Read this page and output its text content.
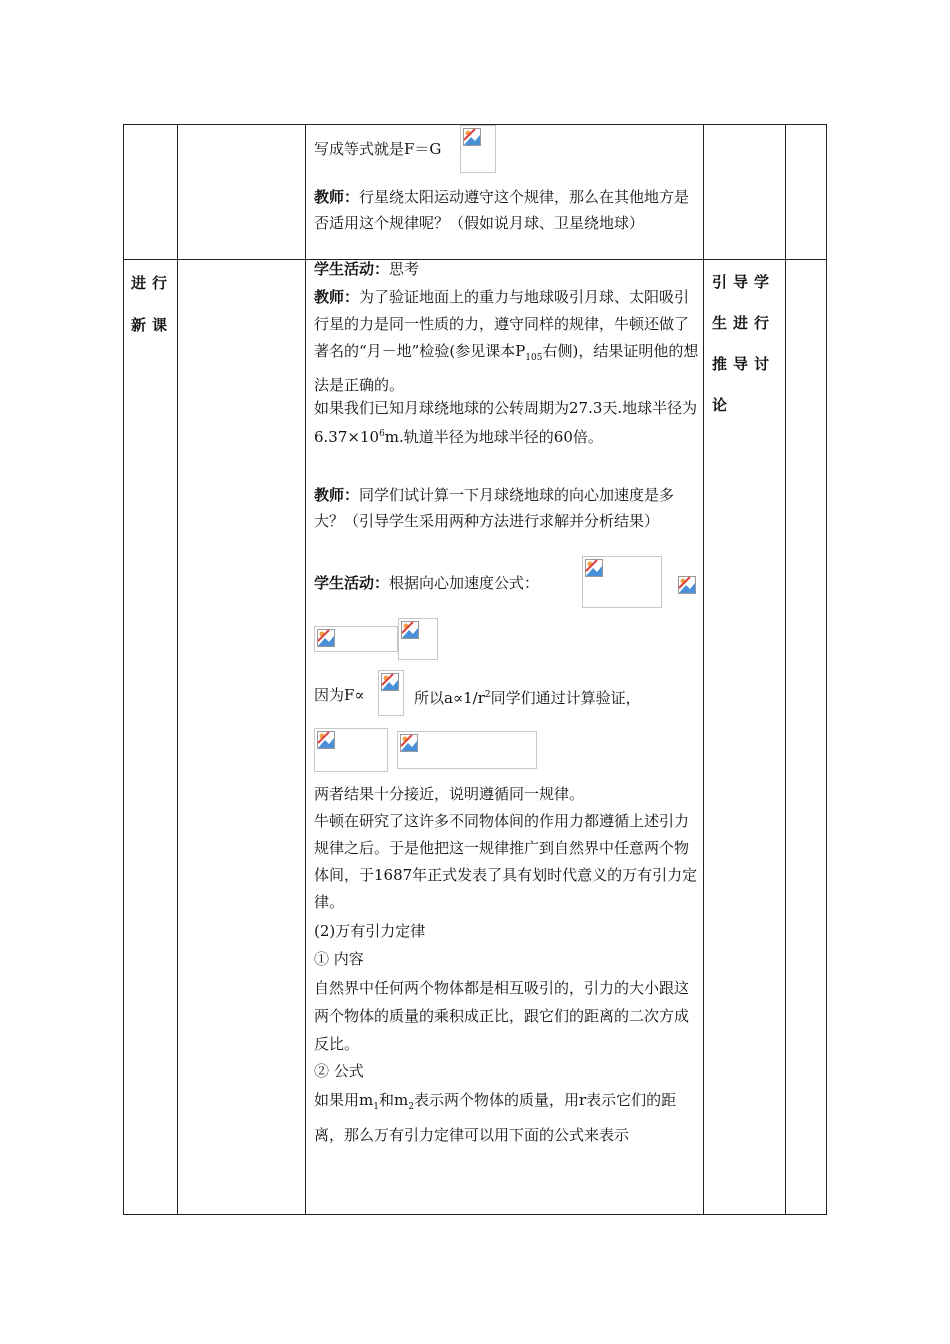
写成等式就是F＝G
教师：行星绕太阳运动遵守这个规律，那么在其他地方是否适用这个规律呢？（假如说月球、卫星绕地球）
进行
新课
引导学
生进行
推导讨
论
学生活动：思考
教师：为了验证地面上的重力与地球吸引月球、太阳吸引行星的力是同一性质的力，遵守同样的规律，牛顿还做了著名的“月－地”检验(参见课本$P_{105}$右侧)，结果证明他的想法是正确的。
如果我们已知月球绕地球的公转周期为27.3天.地球半径为$6.37\times 10^6m$.轨道半径为地球半径的60倍。
教师：同学们试计算一下月球绕地球的向心加速度是多大？（引导学生采用两种方法进行求解并分析结果）
学生活动：根据向心加速度公式：
因为F∝	所以$a\propto 1/r^2$同学们通过计算验证，
两者结果十分接近，说明遵循同一规律。
牛顿在研究了这许多不同物体间的作用力都遵循上述引力规律之后。于是他把这一规律推广到自然界中任意两个物体间，于1687年正式发表了具有划时代意义的万有引力定律。
(2)万有引力定律
① 内容
自然界中任何两个物体都是相互吸引的，引力的大小跟这两个物体的质量的乘积成正比，跟它们的距离的二次方成反比。
② 公式
如果用$m_1$和$m_2$表示两个物体的质量，用r表示它们的距离，那么万有引力定律可以用下面的公式来表示
